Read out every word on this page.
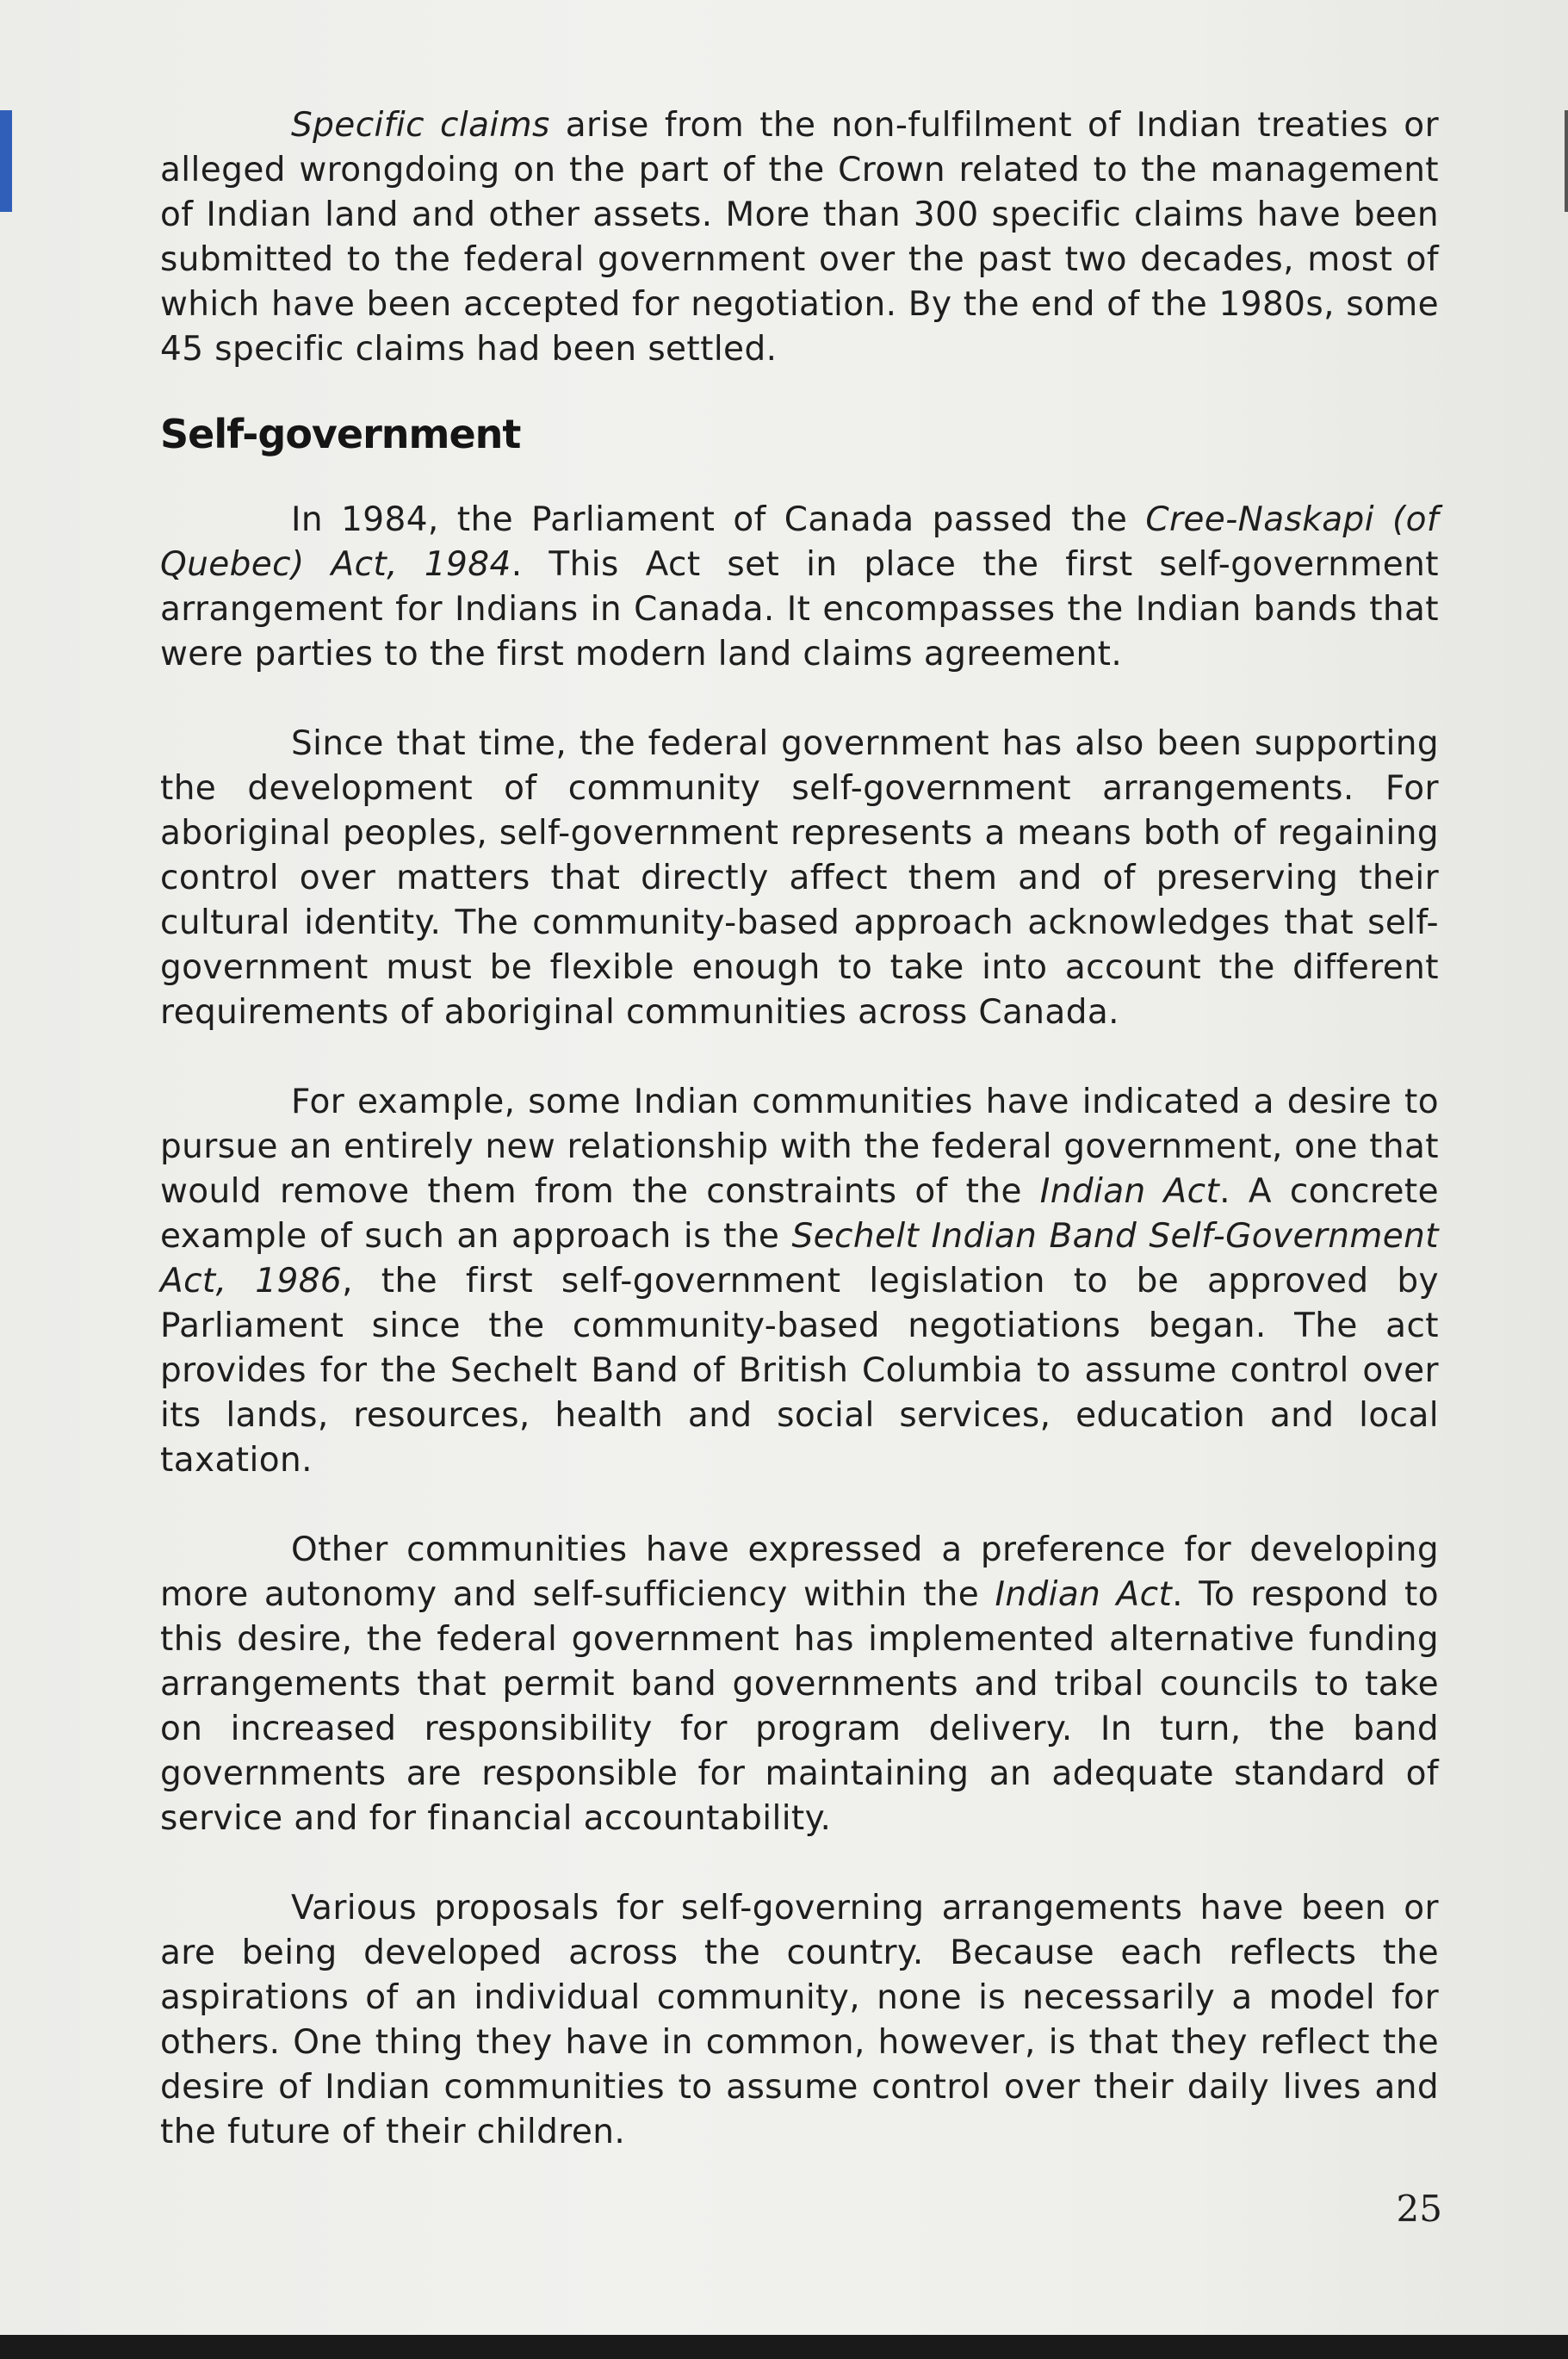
Specific claims arise from the non-fulfilment of Indian treaties or alleged wrongdoing on the part of the Crown related to the management of Indian land and other assets. More than 300 specific claims have been submitted to the federal government over the past two decades, most of which have been accepted for negotiation. By the end of the 1980s, some 45 specific claims had been settled.

Self-government

In 1984, the Parliament of Canada passed the Cree-Naskapi (of Quebec) Act, 1984. This Act set in place the first self-government arrangement for Indians in Canada. It encompasses the Indian bands that were parties to the first modern land claims agreement.

Since that time, the federal government has also been supporting the development of community self-government arrangements. For aboriginal peoples, self-government represents a means both of regaining control over matters that directly affect them and of preserving their cultural identity. The community-based approach acknowledges that self-government must be flexible enough to take into account the different requirements of aboriginal communities across Canada.

For example, some Indian communities have indicated a desire to pursue an entirely new relationship with the federal government, one that would remove them from the constraints of the Indian Act. A concrete example of such an approach is the Sechelt Indian Band Self-Government Act, 1986, the first self-government legislation to be approved by Parliament since the community-based negotiations began. The act provides for the Sechelt Band of British Columbia to assume control over its lands, resources, health and social services, education and local taxation.

Other communities have expressed a preference for developing more autonomy and self-sufficiency within the Indian Act. To respond to this desire, the federal government has implemented alternative funding arrangements that permit band governments and tribal councils to take on increased responsibility for program delivery. In turn, the band governments are responsible for maintaining an adequate standard of service and for financial accountability.

Various proposals for self-governing arrangements have been or are being developed across the country. Because each reflects the aspirations of an individual community, none is necessarily a model for others. One thing they have in common, however, is that they reflect the desire of Indian communities to assume control over their daily lives and the future of their children.

25
